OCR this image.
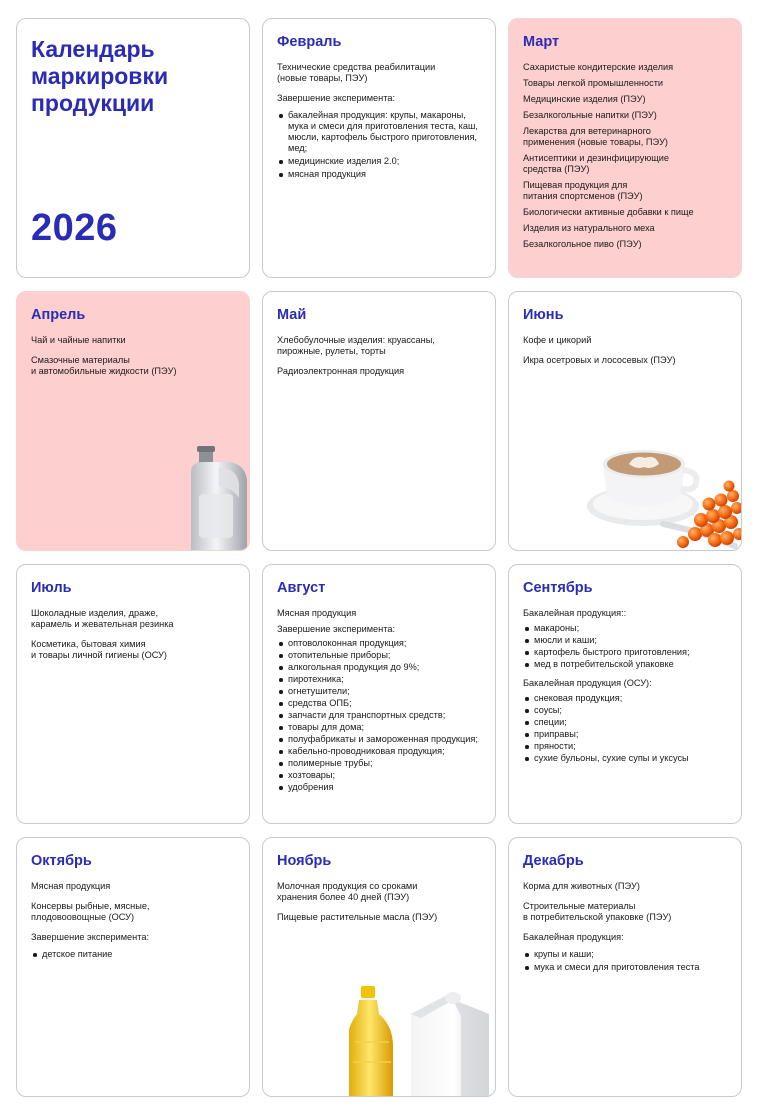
Календарь
маркировки
продукции
2026
Февраль

Технические средства реабилитации
(новые товары, ПЭУ)

Завершение эксперимента:

бакалейная продукция: крупы, макароны, мука и смеси для приготовления теста, каш, мюсли, картофель быстрого приготовления, мед;
медицинские изделия 2.0;
мясная продукция
Март

Сахаристые кондитерские изделия

Товары легкой промышленности

Медицинские изделия (ПЭУ)

Безалкогольные напитки (ПЭУ)

Лекарства для ветеринарного
применения (новые товары, ПЭУ)

Антисептики и дезинфицирующие
средства (ПЭУ)

Пищевая продукция для
питания спортсменов (ПЭУ)

Биологически активные добавки к пище

Изделия из натурального меха

Безалкогольное пиво (ПЭУ)

Апрель

Чай и чайные напитки

Смазочные материалы
и автомобильные жидкости (ПЭУ)

Май

Хлебобулочные изделия: круассаны,
пирожные, рулеты, торты

Радиоэлектронная продукция

Июнь

Кофе и цикорий

Икра осетровых и лососевых (ПЭУ)

Июль

Шоколадные изделия, драже,
карамель и жевательная резинка

Косметика, бытовая химия
и товары личной гигиены (ОСУ)

Август

Мясная продукция

Завершение эксперимента:

оптоволоконная продукция;
отопительные приборы;
алкогольная продукция до 9%;
пиротехника;
огнетушители;
средства ОПБ;
запчасти для транспортных средств;
товары для дома;
полуфабрикаты и замороженная продукция;
кабельно-проводниковая продукция;
полимерные трубы;
хозтовары;
удобрения
Сентябрь

Бакалейная продукция::

макароны;
мюсли и каши;
картофель быстрого приготовления;
мед в потребительской упаковке

Бакалейная продукция (ОСУ):

снековая продукция;
соусы;
специи;
приправы;
пряности;
сухие бульоны, сухие супы и уксусы
Октябрь

Мясная продукция

Консервы рыбные, мясные,
плодовоовощные (ОСУ)

Завершение эксперимента:

детское питание
Ноябрь

Молочная продукция со сроками
хранения более 40 дней (ПЭУ)

Пищевые растительные масла (ПЭУ)

Декабрь

Корма для животных (ПЭУ)

Строительные материалы
в потребительской упаковке (ПЭУ)

Бакалейная продукция:

крупы и каши;
мука и смеси для приготовления теста
